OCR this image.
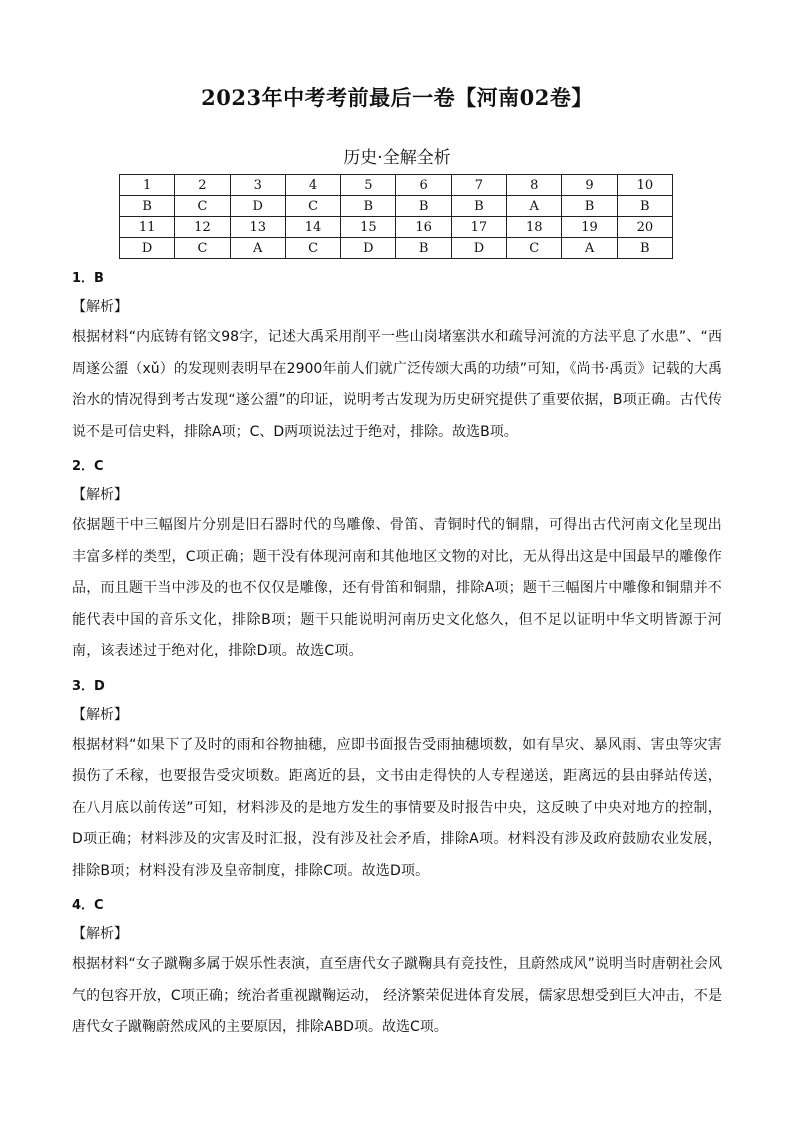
2023年中考考前最后一卷【河南02卷】
历史·全解全析
1	2	3	4	5	6	7	8	9	10
B	C	D	C	B	B	B	A	B	B
11	12	13	14	15	16	17	18	19	20
D	C	A	C	D	B	D	C	A	B
1．B
【解析】
根据材料“内底铸有铭文98字，记述大禹采用削平一些山岗堵塞洪水和疏导河流的方法平息了水患”、“西周遂公盨（xǔ）的发现则表明早在2900年前人们就广泛传颂大禹的功绩”可知，《尚书·禹贡》记载的大禹治水的情况得到考古发现“遂公盨”的印证，说明考古发现为历史研究提供了重要依据，B项正确。古代传说不是可信史料，排除A项；C、D两项说法过于绝对，排除。故选B项。
2．C
【解析】
依据题干中三幅图片分别是旧石器时代的鸟雕像、骨笛、青铜时代的铜鼎，可得出古代河南文化呈现出丰富多样的类型，C项正确；题干没有体现河南和其他地区文物的对比，无从得出这是中国最早的雕像作品，而且题干当中涉及的也不仅仅是雕像，还有骨笛和铜鼎，排除A项；题干三幅图片中雕像和铜鼎并不能代表中国的音乐文化，排除B项；题干只能说明河南历史文化悠久，但不足以证明中华文明皆源于河南，该表述过于绝对化，排除D项。故选C项。
3．D
【解析】
根据材料“如果下了及时的雨和谷物抽穗，应即书面报告受雨抽穗顷数，如有旱灾、暴风雨、害虫等灾害损伤了禾稼，也要报告受灾顷数。距离近的县，文书由走得快的人专程递送，距离远的县由驿站传送，在八月底以前传送”可知，材料涉及的是地方发生的事情要及时报告中央，这反映了中央对地方的控制，D项正确；材料涉及的灾害及时汇报，没有涉及社会矛盾，排除A项。材料没有涉及政府鼓励农业发展，排除B项；材料没有涉及皇帝制度，排除C项。故选D项。
4．C
【解析】
根据材料“女子蹴鞠多属于娱乐性表演，直至唐代女子蹴鞠具有竞技性，且蔚然成风”说明当时唐朝社会风气的包容开放，C项正确；统治者重视蹴鞠运动， 经济繁荣促进体育发展，儒家思想受到巨大冲击，不是唐代女子蹴鞠蔚然成风的主要原因，排除ABD项。故选C项。
